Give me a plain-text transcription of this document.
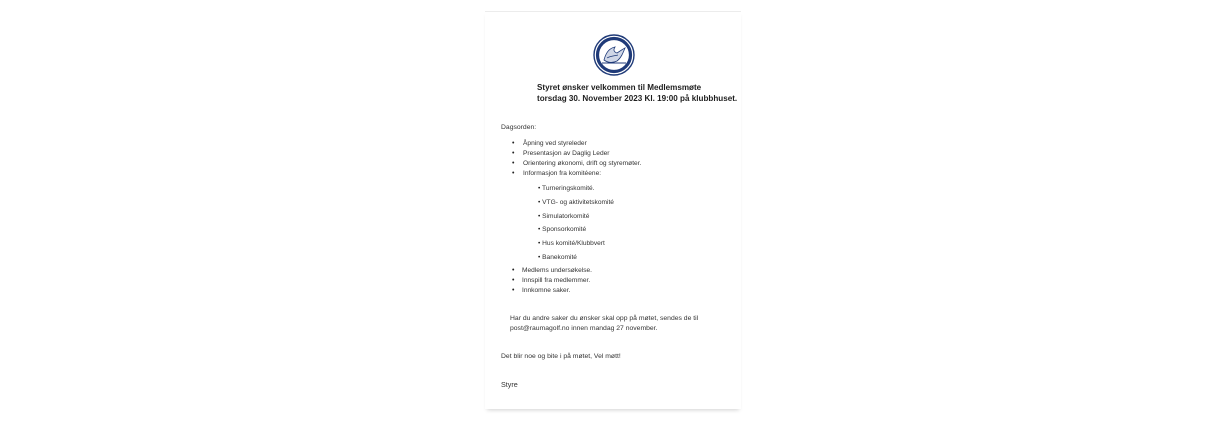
Styret ønsker velkommen til Medlemsmøte
torsdag 30. November 2023 Kl. 19:00 på klubbhuset.
Dagsorden:
• Åpning ved styreleder
• Presentasjon av Daglig Leder
• Orientering økonomi, drift og styremøter.
• Informasjon fra komitéene:
• Turneringskomité.
• VTG- og aktivitetskomité
• Simulatorkomité
• Sponsorkomité
• Hus komité/Klubbvert
• Banekomité
• Medlems undersøkelse.
• Innspill fra medlemmer.
• Innkomne saker.
Har du andre saker du ønsker skal opp på møtet, sendes de til
post@raumagolf.no innen mandag 27 november.
Det blir noe og bite i på møtet, Vel møtt!
Styre
